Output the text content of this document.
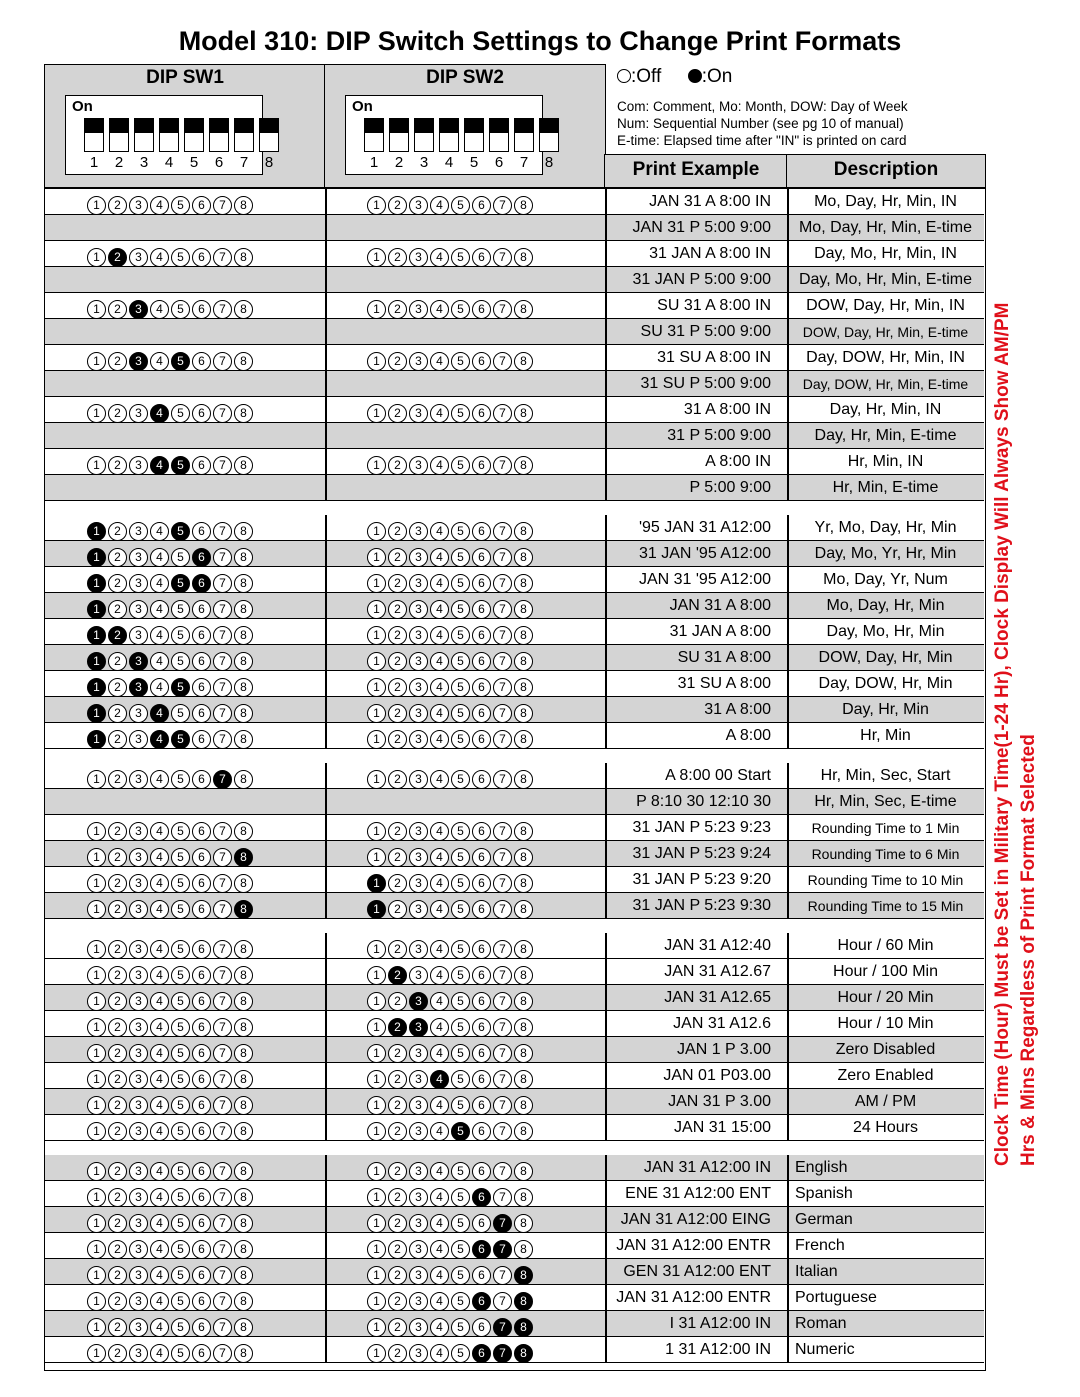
Model 310: DIP Switch Settings to Change Print Formats
DIP SW1
On
1	2	3	4	5	6	7	8
DIP SW2
On
1	2	3	4	5	6	7	8
:Off :On
Com: Comment, Mo: Month, DOW: Day of Week
Num: Sequential Number (see pg 10 of manual)
E-time: Elapsed time after "IN" is printed on card
Print Example	Description
1 2 3 4 5 6 7 8	1 2 3 4 5 6 7 8	JAN 31 A 8:00 IN	Mo, Day, Hr, Min, IN
JAN 31 P 5:00 9:00	Mo, Day, Hr, Min, E-time
1 2 3 4 5 6 7 8	1 2 3 4 5 6 7 8	31 JAN A 8:00 IN	Day, Mo, Hr, Min, IN
31 JAN P 5:00 9:00	Day, Mo, Hr, Min, E-time
1 2 3 4 5 6 7 8	1 2 3 4 5 6 7 8	SU 31 A 8:00 IN	DOW, Day, Hr, Min, IN
SU 31 P 5:00 9:00	DOW, Day, Hr, Min, E-time
1 2 3 4 5 6 7 8	1 2 3 4 5 6 7 8	31 SU A 8:00 IN	Day, DOW, Hr, Min, IN
31 SU P 5:00 9:00	Day, DOW, Hr, Min, E-time
1 2 3 4 5 6 7 8	1 2 3 4 5 6 7 8	31 A 8:00 IN	Day, Hr, Min, IN
31 P 5:00 9:00	Day, Hr, Min, E-time
1 2 3 4 5 6 7 8	1 2 3 4 5 6 7 8	A 8:00 IN	Hr, Min, IN
P 5:00 9:00	Hr, Min, E-time
1 2 3 4 5 6 7 8	1 2 3 4 5 6 7 8	'95 JAN 31 A12:00	Yr, Mo, Day, Hr, Min
1 2 3 4 5 6 7 8	1 2 3 4 5 6 7 8	31 JAN '95 A12:00	Day, Mo, Yr, Hr, Min
1 2 3 4 5 6 7 8	1 2 3 4 5 6 7 8	JAN 31 '95 A12:00	Mo, Day, Yr, Num
1 2 3 4 5 6 7 8	1 2 3 4 5 6 7 8	JAN 31 A 8:00	Mo, Day, Hr, Min
1 2 3 4 5 6 7 8	1 2 3 4 5 6 7 8	31 JAN A 8:00	Day, Mo, Hr, Min
1 2 3 4 5 6 7 8	1 2 3 4 5 6 7 8	SU 31 A 8:00	DOW, Day, Hr, Min
1 2 3 4 5 6 7 8	1 2 3 4 5 6 7 8	31 SU A 8:00	Day, DOW, Hr, Min
1 2 3 4 5 6 7 8	1 2 3 4 5 6 7 8	31 A 8:00	Day, Hr, Min
1 2 3 4 5 6 7 8	1 2 3 4 5 6 7 8	A 8:00	Hr, Min
1 2 3 4 5 6 7 8	1 2 3 4 5 6 7 8	A 8:00 00 Start	Hr, Min, Sec, Start
P 8:10 30 12:10 30	Hr, Min, Sec, E-time
1 2 3 4 5 6 7 8	1 2 3 4 5 6 7 8	31 JAN P 5:23 9:23	Rounding Time to 1 Min
1 2 3 4 5 6 7 8	1 2 3 4 5 6 7 8	31 JAN P 5:23 9:24	Rounding Time to 6 Min
1 2 3 4 5 6 7 8	1 2 3 4 5 6 7 8	31 JAN P 5:23 9:20	Rounding Time to 10 Min
1 2 3 4 5 6 7 8	1 2 3 4 5 6 7 8	31 JAN P 5:23 9:30	Rounding Time to 15 Min
1 2 3 4 5 6 7 8	1 2 3 4 5 6 7 8	JAN 31 A12:40	Hour / 60 Min
1 2 3 4 5 6 7 8	1 2 3 4 5 6 7 8	JAN 31 A12.67	Hour / 100 Min
1 2 3 4 5 6 7 8	1 2 3 4 5 6 7 8	JAN 31 A12.65	Hour / 20 Min
1 2 3 4 5 6 7 8	1 2 3 4 5 6 7 8	JAN 31 A12.6	Hour / 10 Min
1 2 3 4 5 6 7 8	1 2 3 4 5 6 7 8	JAN 1 P 3.00	Zero Disabled
1 2 3 4 5 6 7 8	1 2 3 4 5 6 7 8	JAN 01 P03.00	Zero Enabled
1 2 3 4 5 6 7 8	1 2 3 4 5 6 7 8	JAN 31 P 3.00	AM / PM
1 2 3 4 5 6 7 8	1 2 3 4 5 6 7 8	JAN 31 15:00	24 Hours
1 2 3 4 5 6 7 8	1 2 3 4 5 6 7 8	JAN 31 A12:00 IN	English
1 2 3 4 5 6 7 8	1 2 3 4 5 6 7 8	ENE 31 A12:00 ENT	Spanish
1 2 3 4 5 6 7 8	1 2 3 4 5 6 7 8	JAN 31 A12:00 EING	German
1 2 3 4 5 6 7 8	1 2 3 4 5 6 7 8	JAN 31 A12:00 ENTR	French
1 2 3 4 5 6 7 8	1 2 3 4 5 6 7 8	GEN 31 A12:00 ENT	Italian
1 2 3 4 5 6 7 8	1 2 3 4 5 6 7 8	JAN 31 A12:00 ENTR	Portuguese
1 2 3 4 5 6 7 8	1 2 3 4 5 6 7 8	I 31 A12:00 IN	Roman
1 2 3 4 5 6 7 8	1 2 3 4 5 6 7 8	1 31 A12:00 IN	Numeric
Clock Time (Hour) Must be Set in Military Time(1-24 Hr), Clock Display Will Always Show AM/PM Hrs & Mins Regardless of Print Format Selected
